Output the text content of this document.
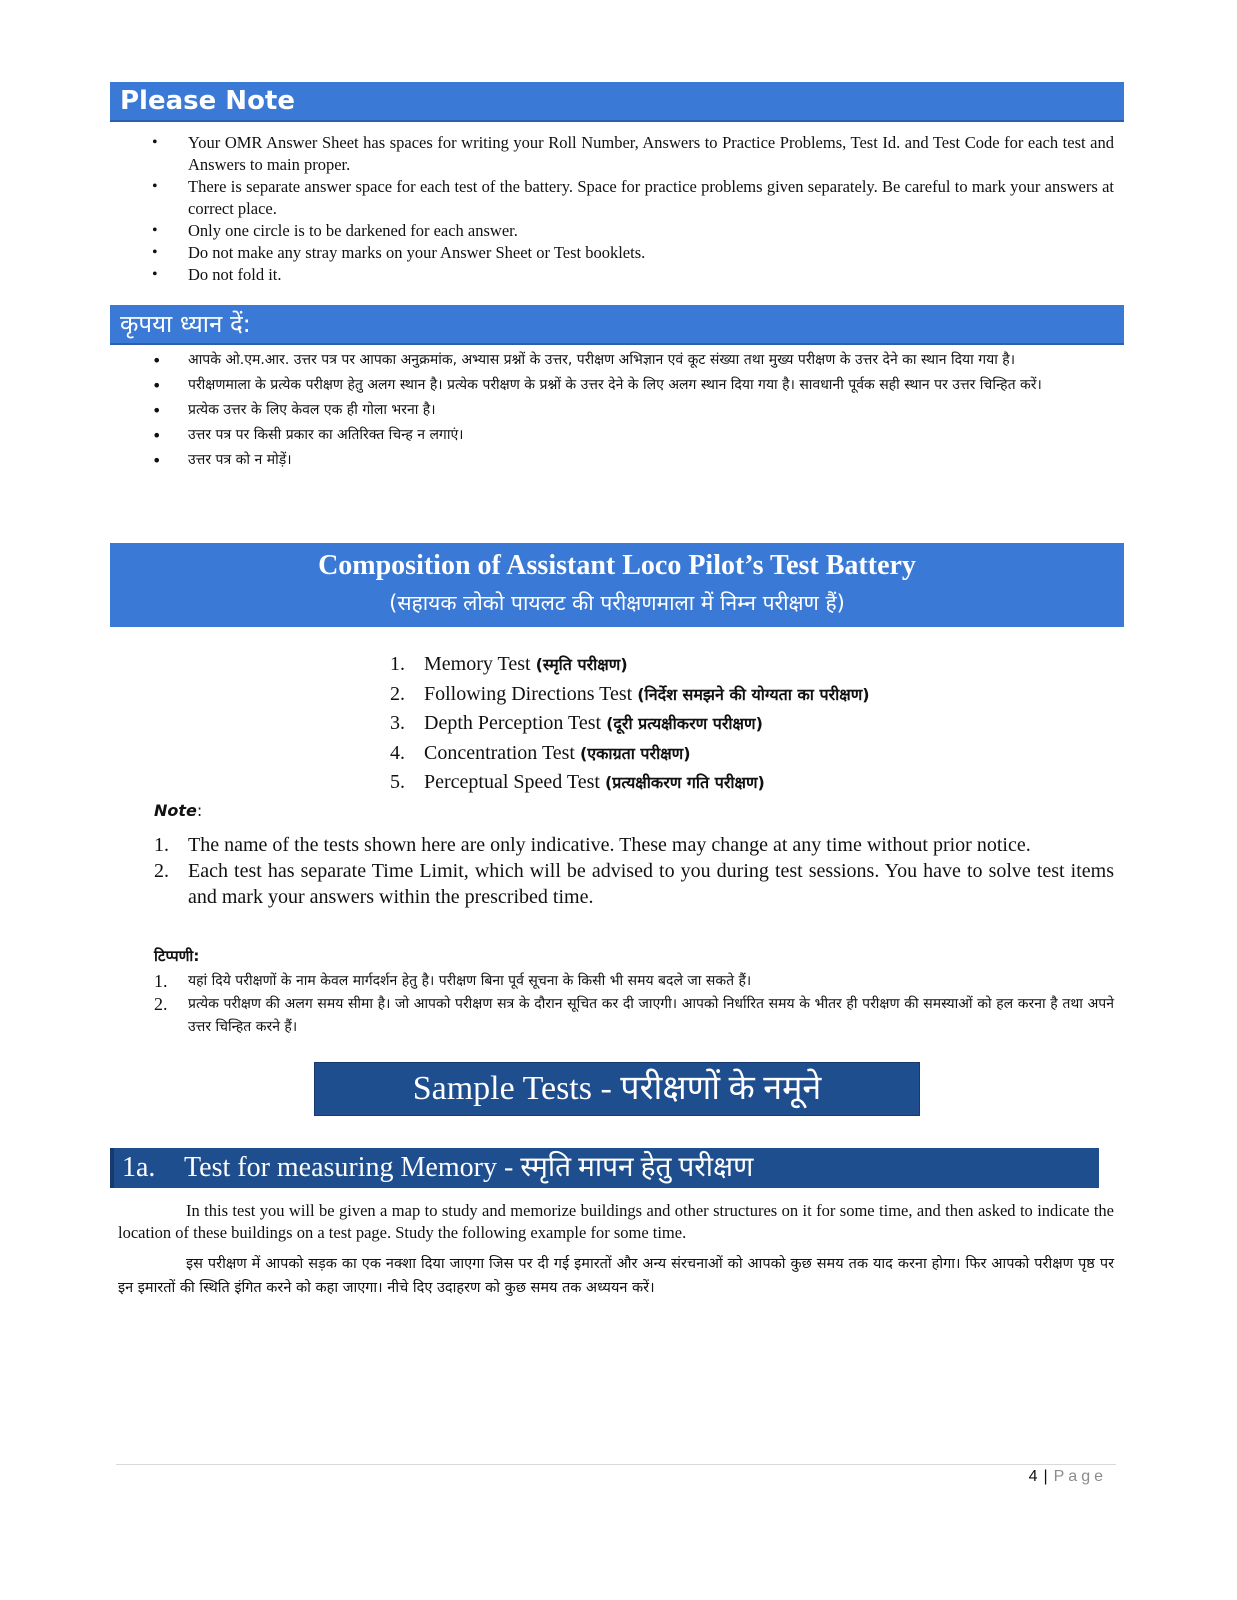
Please Note
• Your OMR Answer Sheet has spaces for writing your Roll Number, Answers to Practice Problems, Test Id. and Test Code for each test and Answers to main proper.
• There is separate answer space for each test of the battery. Space for practice problems given separately. Be careful to mark your answers at correct place.
• Only one circle is to be darkened for each answer.
• Do not make any stray marks on your Answer Sheet or Test booklets.
• Do not fold it.
कृपया ध्यान दें:
• आपके ओ.एम.आर. उत्तर पत्र पर आपका अनुक्रमांक, अभ्यास प्रश्नों के उत्तर, परीक्षण अभिज्ञान एवं कूट संख्या तथा मुख्य परीक्षण के उत्तर देने का स्थान दिया गया है।
• परीक्षणमाला के प्रत्येक परीक्षण हेतु अलग स्थान है। प्रत्येक परीक्षण के प्रश्नों के उत्तर देने के लिए अलग स्थान दिया गया है। सावधानी पूर्वक सही स्थान पर उत्तर चिन्हित करें।
• प्रत्येक उत्तर के लिए केवल एक ही गोला भरना है।
• उत्तर पत्र पर किसी प्रकार का अतिरिक्त चिन्ह न लगाएं।
• उत्तर पत्र को न मोड़ें।
Composition of Assistant Loco Pilot’s Test Battery
(सहायक लोको पायलट की परीक्षणमाला में निम्न परीक्षण हैं)
1. Memory Test (स्मृति परीक्षण)
2. Following Directions Test (निर्देश समझने की योग्यता का परीक्षण)
3. Depth Perception Test (दूरी प्रत्यक्षीकरण परीक्षण)
4. Concentration Test (एकाग्रता परीक्षण)
5. Perceptual Speed Test (प्रत्यक्षीकरण गति परीक्षण)
Note:
1. The name of the tests shown here are only indicative. These may change at any time without prior notice.
2. Each test has separate Time Limit, which will be advised to you during test sessions. You have to solve test items and mark your answers within the prescribed time.
टिप्पणी:
1. यहां दिये परीक्षणों के नाम केवल मार्गदर्शन हेतु है। परीक्षण बिना पूर्व सूचना के किसी भी समय बदले जा सकते हैं।
2. प्रत्येक परीक्षण की अलग समय सीमा है। जो आपको परीक्षण सत्र के दौरान सूचित कर दी जाएगी। आपको निर्धारित समय के भीतर ही परीक्षण की समस्याओं को हल करना है तथा अपने उत्तर चिन्हित करने हैं।
Sample Tests - परीक्षणों के नमूने
1a. Test for measuring Memory - स्मृति मापन हेतु परीक्षण

In this test you will be given a map to study and memorize buildings and other structures on it for some time, and then asked to indicate the location of these buildings on a test page. Study the following example for some time.

इस परीक्षण में आपको सड़क का एक नक्शा दिया जाएगा जिस पर दी गई इमारतों और अन्य संरचनाओं को आपको कुछ समय तक याद करना होगा। फिर आपको परीक्षण पृष्ठ पर इन इमारतों की स्थिति इंगित करने को कहा जाएगा। नीचे दिए उदाहरण को कुछ समय तक अध्ययन करें।

4 | Page
